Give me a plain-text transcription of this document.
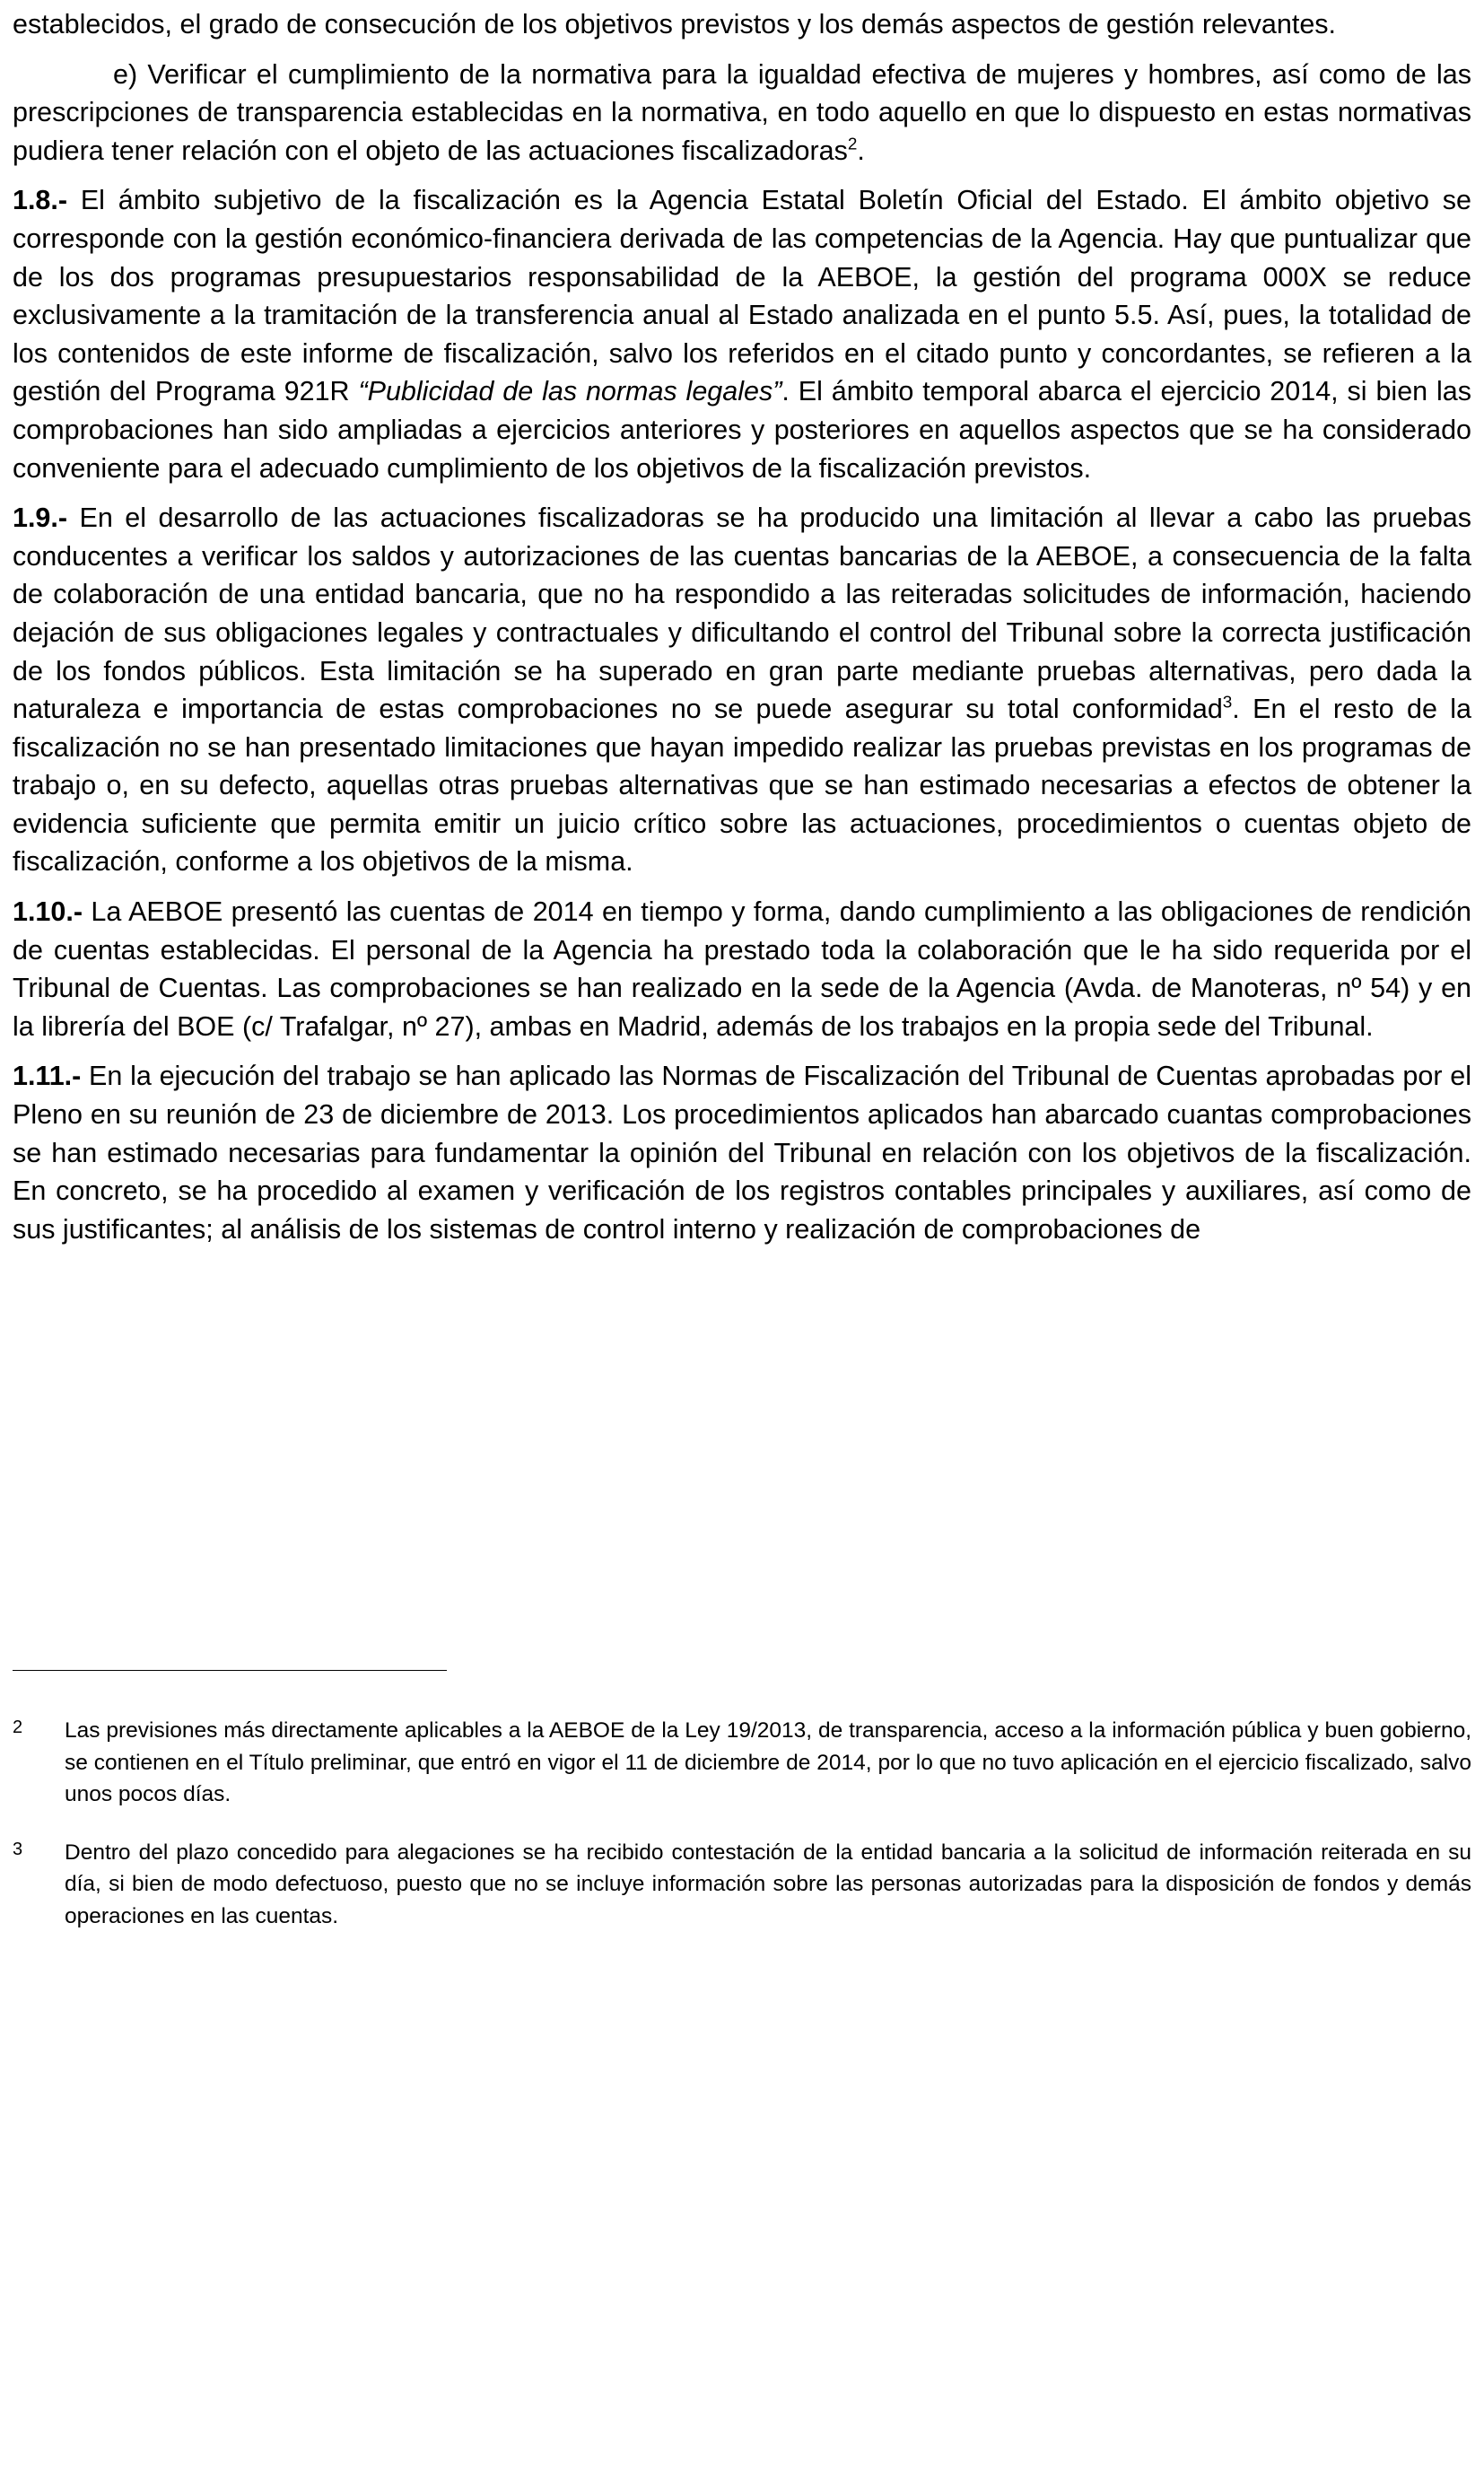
establecidos, el grado de consecución de los objetivos previstos y los demás aspectos de gestión relevantes.

e) Verificar el cumplimiento de la normativa para la igualdad efectiva de mujeres y hombres, así como de las prescripciones de transparencia establecidas en la normativa, en todo aquello en que lo dispuesto en estas normativas pudiera tener relación con el objeto de las actuaciones fiscalizadoras$^2$.

1.8.- El ámbito subjetivo de la fiscalización es la Agencia Estatal Boletín Oficial del Estado. El ámbito objetivo se corresponde con la gestión económico-financiera derivada de las competencias de la Agencia. Hay que puntualizar que de los dos programas presupuestarios responsabilidad de la AEBOE, la gestión del programa 000X se reduce exclusivamente a la tramitación de la transferencia anual al Estado analizada en el punto 5.5. Así, pues, la totalidad de los contenidos de este informe de fiscalización, salvo los referidos en el citado punto y concordantes, se refieren a la gestión del Programa 921R “Publicidad de las normas legales”. El ámbito temporal abarca el ejercicio 2014, si bien las comprobaciones han sido ampliadas a ejercicios anteriores y posteriores en aquellos aspectos que se ha considerado conveniente para el adecuado cumplimiento de los objetivos de la fiscalización previstos.

1.9.- En el desarrollo de las actuaciones fiscalizadoras se ha producido una limitación al llevar a cabo las pruebas conducentes a verificar los saldos y autorizaciones de las cuentas bancarias de la AEBOE, a consecuencia de la falta de colaboración de una entidad bancaria, que no ha respondido a las reiteradas solicitudes de información, haciendo dejación de sus obligaciones legales y contractuales y dificultando el control del Tribunal sobre la correcta justificación de los fondos públicos. Esta limitación se ha superado en gran parte mediante pruebas alternativas, pero dada la naturaleza e importancia de estas comprobaciones no se puede asegurar su total conformidad$^3$. En el resto de la fiscalización no se han presentado limitaciones que hayan impedido realizar las pruebas previstas en los programas de trabajo o, en su defecto, aquellas otras pruebas alternativas que se han estimado necesarias a efectos de obtener la evidencia suficiente que permita emitir un juicio crítico sobre las actuaciones, procedimientos o cuentas objeto de fiscalización, conforme a los objetivos de la misma.

1.10.- La AEBOE presentó las cuentas de 2014 en tiempo y forma, dando cumplimiento a las obligaciones de rendición de cuentas establecidas. El personal de la Agencia ha prestado toda la colaboración que le ha sido requerida por el Tribunal de Cuentas. Las comprobaciones se han realizado en la sede de la Agencia (Avda. de Manoteras, nº 54) y en la librería del BOE (c/ Trafalgar, nº 27), ambas en Madrid, además de los trabajos en la propia sede del Tribunal.

1.11.- En la ejecución del trabajo se han aplicado las Normas de Fiscalización del Tribunal de Cuentas aprobadas por el Pleno en su reunión de 23 de diciembre de 2013. Los procedimientos aplicados han abarcado cuantas comprobaciones se han estimado necesarias para fundamentar la opinión del Tribunal en relación con los objetivos de la fiscalización. En concreto, se ha procedido al examen y verificación de los registros contables principales y auxiliares, así como de sus justificantes; al análisis de los sistemas de control interno y realización de comprobaciones de

2	Las previsiones más directamente aplicables a la AEBOE de la Ley 19/2013, de transparencia, acceso a la información pública y buen gobierno, se contienen en el Título preliminar, que entró en vigor el 11 de diciembre de 2014, por lo que no tuvo aplicación en el ejercicio fiscalizado, salvo unos pocos días.
3	Dentro del plazo concedido para alegaciones se ha recibido contestación de la entidad bancaria a la solicitud de información reiterada en su día, si bien de modo defectuoso, puesto que no se incluye información sobre las personas autorizadas para la disposición de fondos y demás operaciones en las cuentas.
